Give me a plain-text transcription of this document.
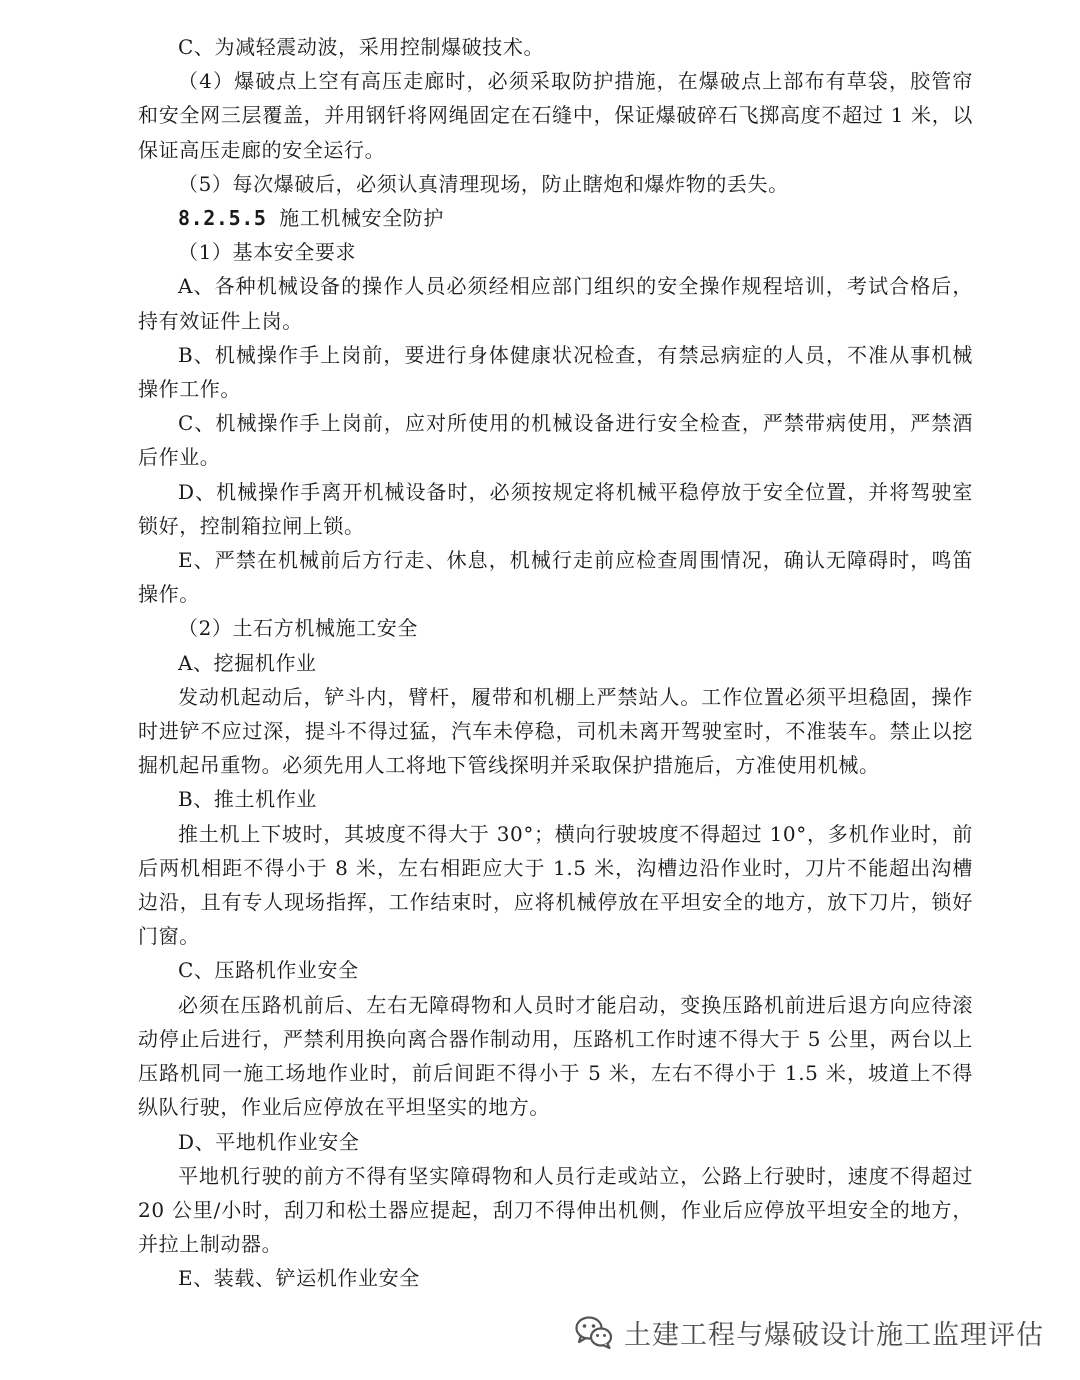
C、为减轻震动波，采用控制爆破技术。

（4）爆破点上空有高压走廊时，必须采取防护措施，在爆破点上部布有草袋，胶管帘和安全网三层覆盖，并用钢钎将网绳固定在石缝中，保证爆破碎石飞掷高度不超过 1 米，以保证高压走廊的安全运行。

（5）每次爆破后，必须认真清理现场，防止瞎炮和爆炸物的丢失。

8.2.5.5 施工机械安全防护

（1）基本安全要求

A、各种机械设备的操作人员必须经相应部门组织的安全操作规程培训，考试合格后，持有效证件上岗。

B、机械操作手上岗前，要进行身体健康状况检查，有禁忌病症的人员，不准从事机械操作工作。

C、机械操作手上岗前，应对所使用的机械设备进行安全检查，严禁带病使用，严禁酒后作业。

D、机械操作手离开机械设备时，必须按规定将机械平稳停放于安全位置，并将驾驶室锁好，控制箱拉闸上锁。

E、严禁在机械前后方行走、休息，机械行走前应检查周围情况，确认无障碍时，鸣笛操作。

（2）土石方机械施工安全

A、挖掘机作业

发动机起动后，铲斗内，臂杆，履带和机棚上严禁站人。工作位置必须平坦稳固，操作时进铲不应过深，提斗不得过猛，汽车未停稳，司机未离开驾驶室时，不准装车。禁止以挖掘机起吊重物。必须先用人工将地下管线探明并采取保护措施后，方准使用机械。

B、推土机作业

推土机上下坡时，其坡度不得大于 30°；横向行驶坡度不得超过 10°，多机作业时，前后两机相距不得小于 8 米，左右相距应大于 1.5 米，沟槽边沿作业时，刀片不能超出沟槽边沿，且有专人现场指挥，工作结束时，应将机械停放在平坦安全的地方，放下刀片，锁好门窗。

C、压路机作业安全

必须在压路机前后、左右无障碍物和人员时才能启动，变换压路机前进后退方向应待滚动停止后进行，严禁利用换向离合器作制动用，压路机工作时速不得大于 5 公里，两台以上压路机同一施工场地作业时，前后间距不得小于 5 米，左右不得小于 1.5 米，坡道上不得纵队行驶，作业后应停放在平坦坚实的地方。

D、平地机作业安全

平地机行驶的前方不得有坚实障碍物和人员行走或站立，公路上行驶时，速度不得超过 20 公里/小时，刮刀和松土器应提起，刮刀不得伸出机侧，作业后应停放平坦安全的地方，并拉上制动器。

E、装载、铲运机作业安全

土建工程与爆破设计施工监理评估
